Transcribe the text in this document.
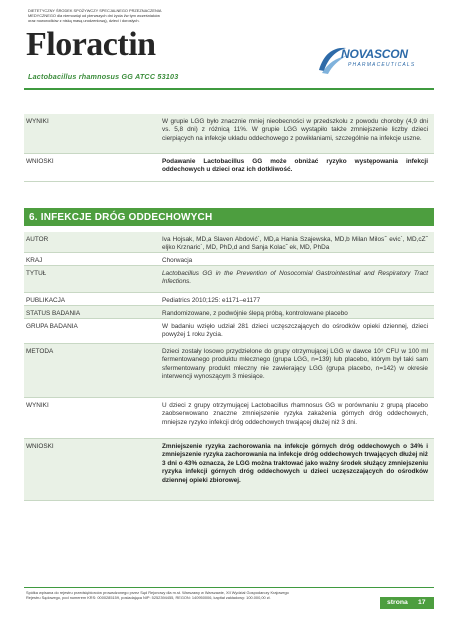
DIETETYCZNY ŚRODEK SPOŻYWCZY SPECJALNEGO PRZEZNACZENIA
MEDYCZNEGO dla niemowląt od pierwszych dni życia i/w tym wcześniaków
oraz noworodków z niską masą urodzeniową), dzieci i dorosłych.
Floractin
Lactobacillus rhamnosus GG ATCC 53103
NOVASCON
PHARMACEUTICALS
WYNIKI	W grupie LGG było znacznie mniej nieobecności w przedszkolu z powodu choroby (4,9 dni vs. 5,8 dni) z różnicą 11%. W grupie LGG wystąpiło także zmniejszenie liczby dzieci cierpiących na infekcje układu oddechowego z powikłaniami, szczególnie na infekcje uszne.
WNIOSKI	Podawanie Lactobacillus GG może obniżać ryzyko występowania infekcji oddechowych u dzieci oraz ich dotkliwość.
6. INFEKCJE DRÓG ODDECHOWYCH
AUTOR	Iva Hojsak, MD,a Slaven Abdović´, MD,a Hania Szajewska, MD,b Milan Milosˇ evic´, MD,cZˇ eljko Krznaric´, MD, PhD,d and Sanja Kolacˇ ek, MD, PhDa
KRAJ	Chorwacja
TYTUŁ	Lactobacillus GG in the Prevention of Nosocomial Gastrointestinal and Respiratory Tract Infections.
PUBLIKACJA	Pediatrics 2010;125: e1171–e1177
STATUS BADANIA	Randomizowane, z podwójnie ślepą próbą, kontrolowane placebo
GRUPA BADANIA	W badaniu wzięło udział 281 dzieci uczęszczających do ośrodków opieki dziennej, dzieci powyżej 1 roku życia.
METODA	Dzieci zostały losowo przydzielone do grupy otrzymującej LGG w dawce 10⁹ CFU w 100 ml fermentowanego produktu mlecznego (grupa LGG, n=139) lub placebo, którym był taki sam sfermentowany produkt mleczny nie zawierający LGG (grupa placebo, n=142) w okresie interwencji wynoszącym 3 miesiące.
WYNIKI	U dzieci z grupy otrzymującej Lactobacillus rhamnosus GG w porównaniu z grupą placebo zaobserwowano znaczne zmniejszenie ryzyka zakażenia górnych dróg oddechowych, mniejsze ryzyko infekcji dróg oddechowych trwającej dłużej niż 3 dni.
WNIOSKI	Zmniejszenie ryzyka zachorowania na infekcje górnych dróg oddechowych o 34% i zmniejszenie ryzyka zachorowania na infekcje dróg oddechowych trwających dłużej niż 3 dni o 43% oznacza, że LGG można traktować jako ważny środek służący zmniejszeniu ryzyka infekcji górnych dróg oddechowych u dzieci uczęszczających do ośrodków dziennej opieki zbiorowej.
Spółka wpisana do rejestru przedsiębiorców prowadzonego przez Sąd Rejonowy dla m.st. Warszawy w Warszawie, XII Wydział Gospodarczy Krajowego
Rejestru Sądowego, pod numerem KRS: 0000285159, posiadająca NIP: 5252394455, REGON: 140950006, kapitał zakładowy: 100.000,00 zł.
strona 17
